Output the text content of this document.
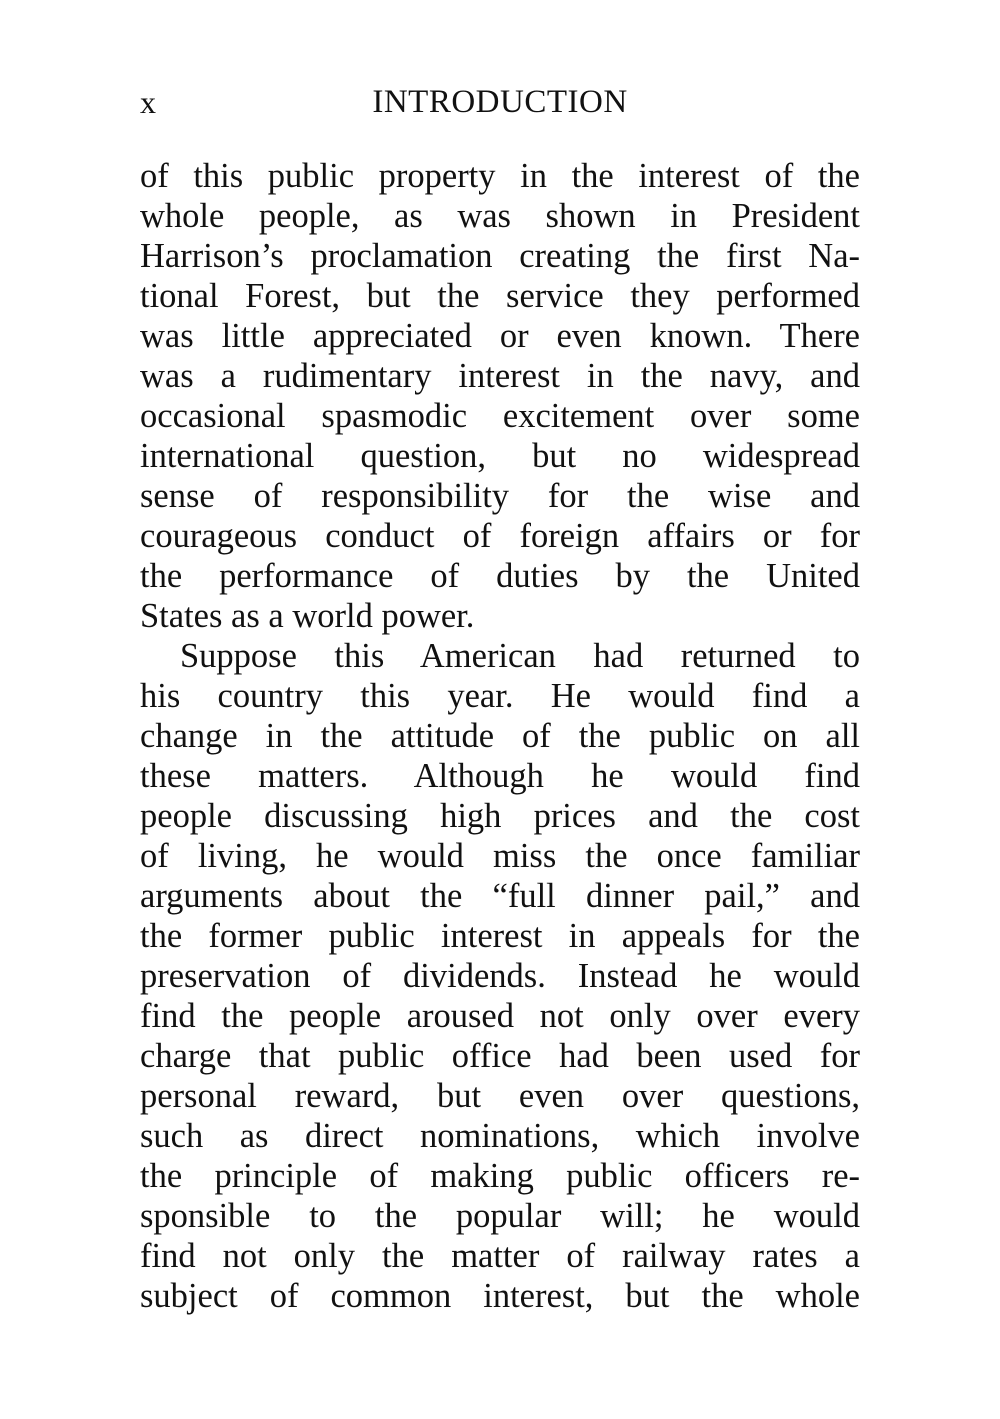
x	INTRODUCTION
of this public property in the interest of the
whole people, as was shown in President
Harrison’s proclamation creating the first Na-
tional Forest, but the service they performed
was little appreciated or even known. There
was a rudimentary interest in the navy, and
occasional spasmodic excitement over some
international question, but no widespread
sense of responsibility for the wise and
courageous conduct of foreign affairs or for
the performance of duties by the United
States as a world power.
Suppose this American had returned to
his country this year. He would find a
change in the attitude of the public on all
these matters. Although he would find
people discussing high prices and the cost
of living, he would miss the once familiar
arguments about the “full dinner pail,” and
the former public interest in appeals for the
preservation of dividends. Instead he would
find the people aroused not only over every
charge that public office had been used for
personal reward, but even over questions,
such as direct nominations, which involve
the principle of making public officers re-
sponsible to the popular will; he would
find not only the matter of railway rates a
subject of common interest, but the whole
